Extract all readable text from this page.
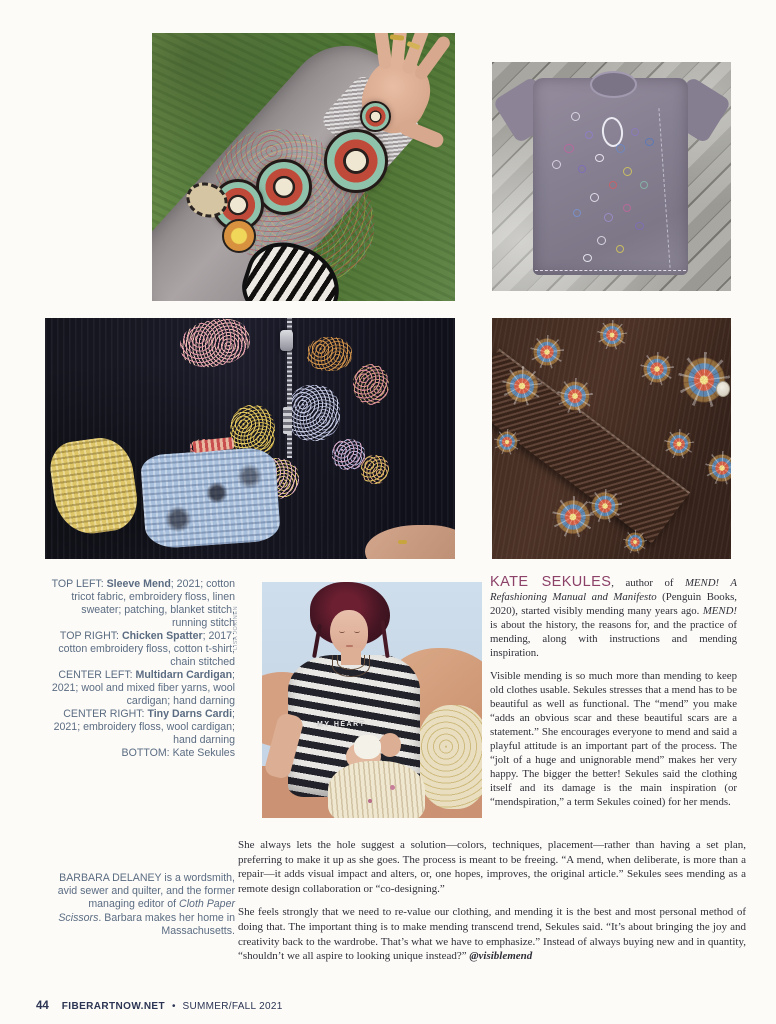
MY HEART
LISA JOKINEN
TOP LEFT: Sleeve Mend; 2021; cotton tricot fabric, embroidery floss, linen sweater; patching, blanket stitch, running stitch
TOP RIGHT: Chicken Spatter; 2017; cotton embroidery floss, cotton t-shirt; chain stitched
CENTER LEFT: Multidarn Cardigan; 2021; wool and mixed fiber yarns, wool cardigan; hand darning
CENTER RIGHT: Tiny Darns Cardi; 2021; embroidery floss, wool cardigan; hand darning
BOTTOM: Kate Sekules
BARBARA DELANEY is a wordsmith, avid sewer and quilter, and the former managing editor of Cloth Paper Scissors. Barbara makes her home in Massachusetts.

KATE SEKULES, author of MEND! A Refashioning Manual and Manifesto (Penguin Books, 2020), started visibly mending many years ago. MEND! is about the history, the reasons for, and the practice of mending, along with instructions and mending inspiration.

Visible mending is so much more than mending to keep old clothes usable. Sekules stresses that a mend has to be beautiful as well as functional. The “mend” you make “adds an obvious scar and these beautiful scars are a statement.” She encourages everyone to mend and said a playful attitude is an important part of the process. The “jolt of a huge and unignorable mend” makes her very happy. The bigger the better! Sekules said the clothing itself and its damage is the main inspiration (or “mendspiration,” a term Sekules coined) for her mends.

She always lets the hole suggest a solution—colors, techniques, placement—rather than having a set plan, preferring to make it up as she goes. The process is meant to be freeing. “A mend, when deliberate, is more than a repair—it adds visual impact and alters, or, one hopes, improves, the original article.” Sekules sees mending as a remote design collaboration or “co-designing.”

She feels strongly that we need to re-value our clothing, and mending it is the best and most personal method of doing that. The important thing is to make mending transcend trend, Sekules said. “It’s about bringing the joy and creativity back to the wardrobe. That’s what we have to emphasize.” Instead of always buying new and in quantity, “shouldn’t we all aspire to looking unique instead?” @visiblemend

44 FIBERARTNOW.NET • SUMMER/FALL 2021
